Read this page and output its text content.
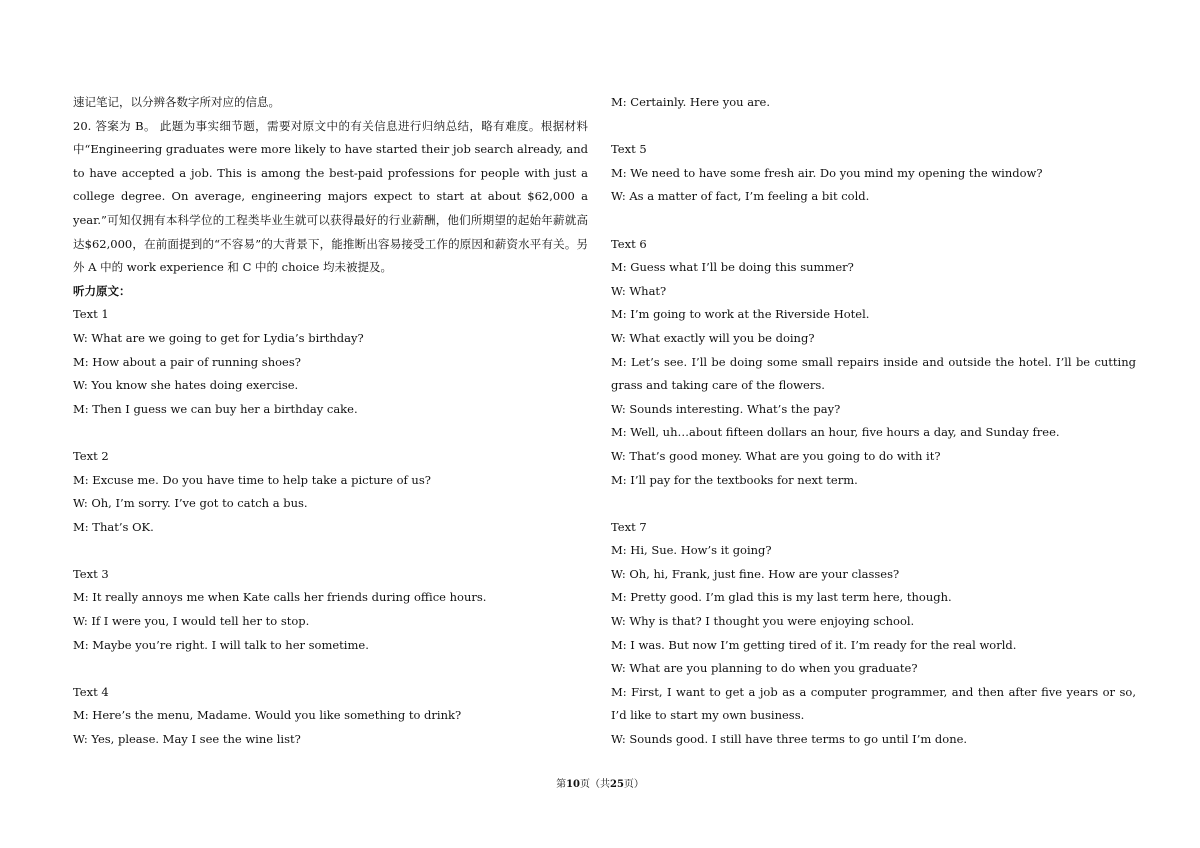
速记笔记，以分辨各数字所对应的信息。

20. 答案为 B。 此题为事实细节题，需要对原文中的有关信息进行归纳总结，略有难度。根据材料中“Engineering graduates were more likely to have started their job search already, and to have accepted a job. This is among the best-paid professions for people with just a college degree. On average, engineering majors expect to start at about $62,000 a year.”可知仅拥有本科学位的工程类毕业生就可以获得最好的行业薪酬，他们所期望的起始年薪就高达$62,000，在前面提到的“不容易”的大背景下，能推断出容易接受工作的原因和薪资水平有关。另外 A 中的 work experience 和 C 中的 choice 均未被提及。

听力原文：

Text 1

W: What are we going to get for Lydia’s birthday?

M: How about a pair of running shoes?

W: You know she hates doing exercise.

M: Then I guess we can buy her a birthday cake.

Text 2

M: Excuse me. Do you have time to help take a picture of us?

W: Oh, I’m sorry. I’ve got to catch a bus.

M: That’s OK.

Text 3

M: It really annoys me when Kate calls her friends during office hours.

W: If I were you, I would tell her to stop.

M: Maybe you’re right. I will talk to her sometime.

Text 4

M: Here’s the menu, Madame. Would you like something to drink?

W: Yes, please. May I see the wine list?

M: Certainly. Here you are.

Text 5

M: We need to have some fresh air. Do you mind my opening the window?

W: As a matter of fact, I’m feeling a bit cold.

Text 6

M: Guess what I’ll be doing this summer?

W: What?

M: I’m going to work at the Riverside Hotel.

W: What exactly will you be doing?

M: Let’s see. I’ll be doing some small repairs inside and outside the hotel. I’ll be cutting grass and taking care of the flowers.

W: Sounds interesting. What’s the pay?

M: Well, uh…about fifteen dollars an hour, five hours a day, and Sunday free.

W: That’s good money. What are you going to do with it?

M: I’ll pay for the textbooks for next term.

Text 7

M: Hi, Sue. How’s it going?

W: Oh, hi, Frank, just fine. How are your classes?

M: Pretty good. I’m glad this is my last term here, though.

W: Why is that? I thought you were enjoying school.

M: I was. But now I’m getting tired of it. I’m ready for the real world.

W: What are you planning to do when you graduate?

M: First, I want to get a job as a computer programmer, and then after five years or so, I’d like to start my own business.

W: Sounds good. I still have three terms to go until I’m done.

第10页（共25页）
